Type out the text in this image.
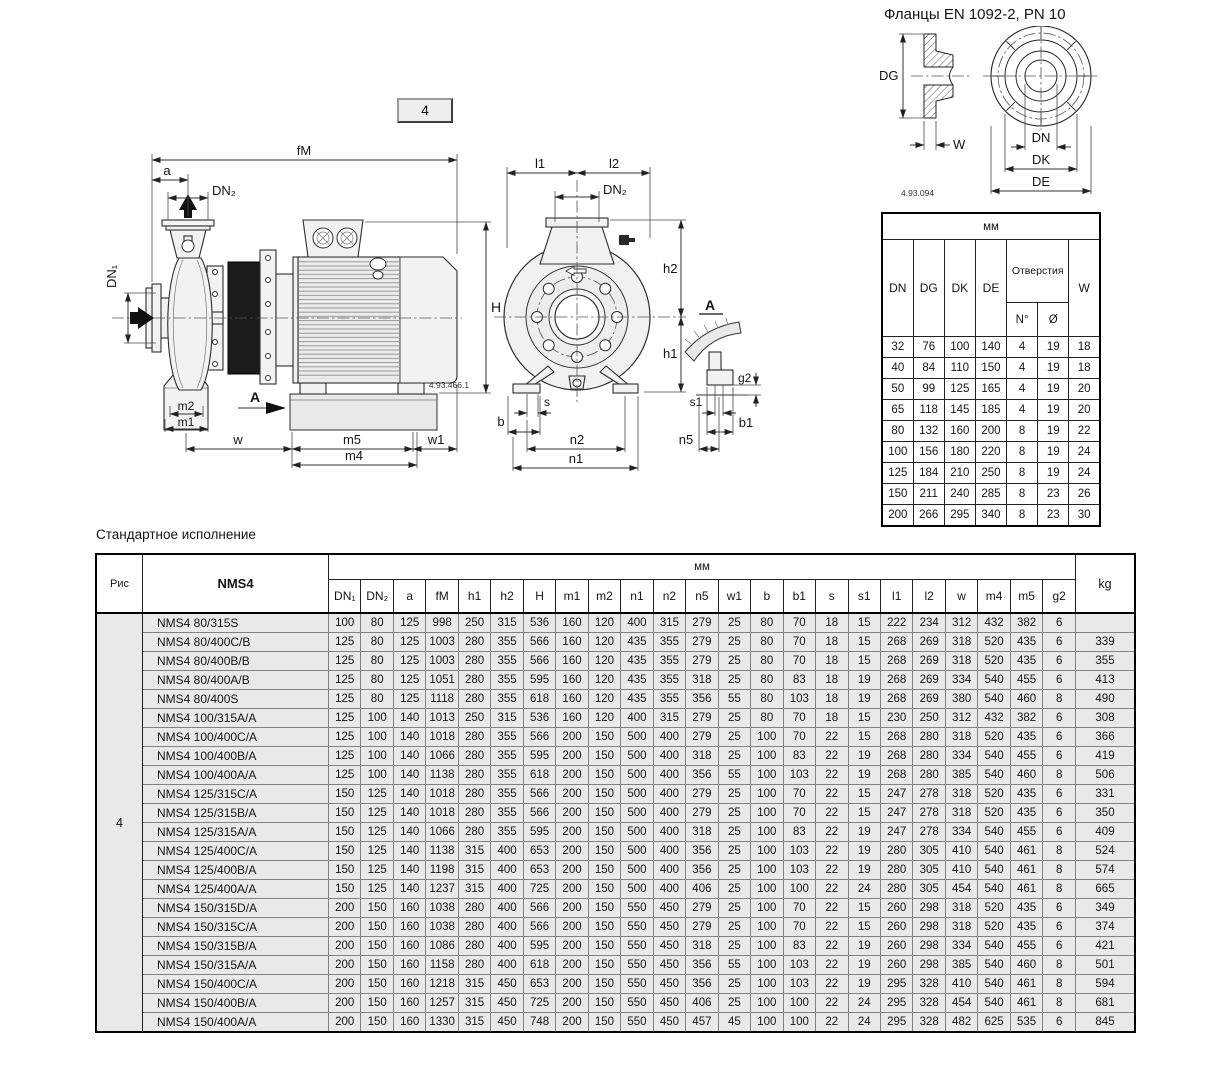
4
fM
a
DN₂
DN₁
H
m2
m1
w	m5	w1
m4
A
4.93.466.1
l1	l2
DN₂
h2
h1
s
b
n2
n1
A
g2
s1
b1
n5
Фланцы EN 1092-2, PN 10
DG
W	DN
DK
DE
4.93.094
мм						
DN	DG	DK	DE	Отверстия		W
				N°	Ø	
32	76	100	140	4	19	18
40	84	110	150	4	19	18
50	99	125	165	4	19	20
65	118	145	185	4	19	20
80	132	160	200	8	19	22
100	156	180	220	8	19	24
125	184	210	250	8	19	24
150	211	240	285	8	23	26
200	266	295	340	8	23	30
Стандартное исполнение
Рис	NMS4	мм																							kg
		DN₁	DN₂	a	fM	h1	h2	H	m1	m2	n1	n2	n5	w1	b	b1	s	s1	l1	l2	w	m4	m5	g2	
4	NMS4 80/315S	100	80	125	998	250	315	536	160	120	400	315	279	25	80	70	18	15	222	234	312	432	382	6	
	NMS4 80/400C/B	125	80	125	1003	280	355	566	160	120	435	355	279	25	80	70	18	15	268	269	318	520	435	6	339
	NMS4 80/400B/B	125	80	125	1003	280	355	566	160	120	435	355	279	25	80	70	18	15	268	269	318	520	435	6	355
	NMS4 80/400A/B	125	80	125	1051	280	355	595	160	120	435	355	318	25	80	83	18	19	268	269	334	540	455	6	413
	NMS4 80/400S	125	80	125	1118	280	355	618	160	120	435	355	356	55	80	103	18	19	268	269	380	540	460	8	490
	NMS4 100/315A/A	125	100	140	1013	250	315	536	160	120	400	315	279	25	80	70	18	15	230	250	312	432	382	6	308
	NMS4 100/400C/A	125	100	140	1018	280	355	566	200	150	500	400	279	25	100	70	22	15	268	280	318	520	435	6	366
	NMS4 100/400B/A	125	100	140	1066	280	355	595	200	150	500	400	318	25	100	83	22	19	268	280	334	540	455	6	419
	NMS4 100/400A/A	125	100	140	1138	280	355	618	200	150	500	400	356	55	100	103	22	19	268	280	385	540	460	8	506
	NMS4 125/315C/A	150	125	140	1018	280	355	566	200	150	500	400	279	25	100	70	22	15	247	278	318	520	435	6	331
	NMS4 125/315B/A	150	125	140	1018	280	355	566	200	150	500	400	279	25	100	70	22	15	247	278	318	520	435	6	350
	NMS4 125/315A/A	150	125	140	1066	280	355	595	200	150	500	400	318	25	100	83	22	19	247	278	334	540	455	6	409
	NMS4 125/400C/A	150	125	140	1138	315	400	653	200	150	500	400	356	25	100	103	22	19	280	305	410	540	461	8	524
	NMS4 125/400B/A	150	125	140	1198	315	400	653	200	150	500	400	356	25	100	103	22	19	280	305	410	540	461	8	574
	NMS4 125/400A/A	150	125	140	1237	315	400	725	200	150	500	400	406	25	100	100	22	24	280	305	454	540	461	8	665
	NMS4 150/315D/A	200	150	160	1038	280	400	566	200	150	550	450	279	25	100	70	22	15	260	298	318	520	435	6	349
	NMS4 150/315C/A	200	150	160	1038	280	400	566	200	150	550	450	279	25	100	70	22	15	260	298	318	520	435	6	374
	NMS4 150/315B/A	200	150	160	1086	280	400	595	200	150	550	450	318	25	100	83	22	19	260	298	334	540	455	6	421
	NMS4 150/315A/A	200	150	160	1158	280	400	618	200	150	550	450	356	55	100	103	22	19	260	298	385	540	460	8	501
	NMS4 150/400C/A	200	150	160	1218	315	450	653	200	150	550	450	356	25	100	103	22	19	295	328	410	540	461	8	594
	NMS4 150/400B/A	200	150	160	1257	315	450	725	200	150	550	450	406	25	100	100	22	24	295	328	454	540	461	8	681
	NMS4 150/400A/A	200	150	160	1330	315	450	748	200	150	550	450	457	45	100	100	22	24	295	328	482	625	535	6	845
